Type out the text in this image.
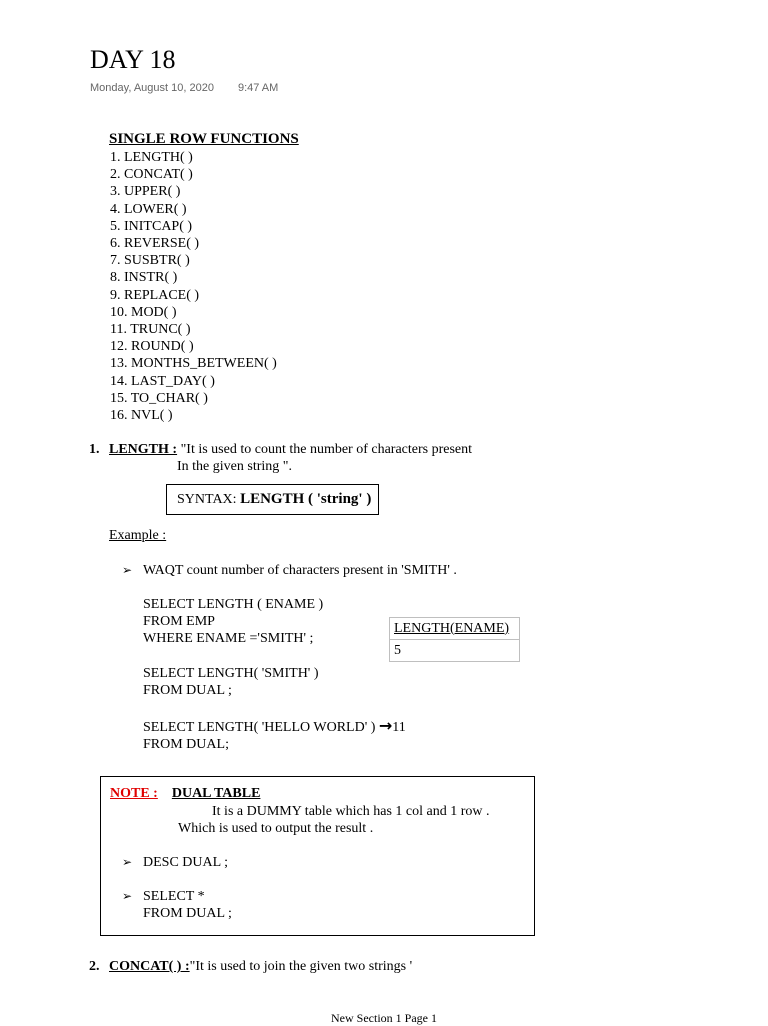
DAY 18
Monday, August 10, 2020 9:47 AM
SINGLE ROW FUNCTIONS
1. LENGTH( )
2. CONCAT( )
3. UPPER( )
4. LOWER( )
5. INITCAP( )
6. REVERSE( )
7. SUSBTR( )
8. INSTR( )
9. REPLACE( )
10. MOD( )
11. TRUNC( )
12. ROUND( )
13. MONTHS_BETWEEN( )
14. LAST_DAY( )
15. TO_CHAR( )
16. NVL( )
1. LENGTH : "It is used to count the number of characters present
In the given string ".
SYNTAX: LENGTH ( 'string' )
Example :
➢ WAQT count number of characters present in 'SMITH' .
SELECT LENGTH ( ENAME )
FROM EMP
WHERE ENAME ='SMITH' ;
LENGTH(ENAME)
5
SELECT LENGTH( 'SMITH' )
FROM DUAL ;
SELECT LENGTH( 'HELLO WORLD' ) →11
FROM DUAL;
NOTE : DUAL TABLE
It is a DUMMY table which has 1 col and 1 row .
Which is used to output the result .
➢ DESC DUAL ;
➢ SELECT *
FROM DUAL ;
2. CONCAT( ) :"It is used to join the given two strings '
New Section 1 Page 1
